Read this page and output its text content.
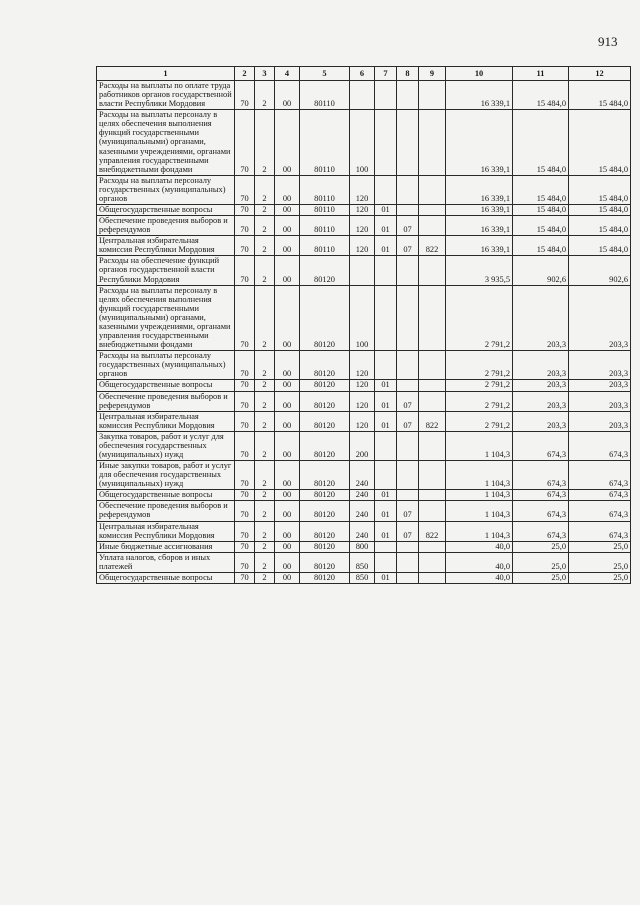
913
1	2	3	4	5	6	7	8	9	10	11	12
Расходы на выплаты по оплате труда работников органов государственной власти Республики Мордовия	70	2	00	80110					16 339,1	15 484,0	15 484,0
Расходы на выплаты персоналу в целях обеспечения выполнения функций государственными (муниципальными) органами, казенными учреждениями, органами управления государственными внебюджетными фондами	70	2	00	80110	100				16 339,1	15 484,0	15 484,0
Расходы на выплаты персоналу государственных (муниципальных) органов	70	2	00	80110	120				16 339,1	15 484,0	15 484,0
Общегосударственные вопросы	70	2	00	80110	120	01			16 339,1	15 484,0	15 484,0
Обеспечение проведения выборов и референдумов	70	2	00	80110	120	01	07		16 339,1	15 484,0	15 484,0
Центральная избирательная комиссия Республики Мордовия	70	2	00	80110	120	01	07	822	16 339,1	15 484,0	15 484,0
Расходы на обеспечение функций органов государственной власти Республики Мордовия	70	2	00	80120					3 935,5	902,6	902,6
Расходы на выплаты персоналу в целях обеспечения выполнения функций государственными (муниципальными) органами, казенными учреждениями, органами управления государственными внебюджетными фондами	70	2	00	80120	100				2 791,2	203,3	203,3
Расходы на выплаты персоналу государственных (муниципальных) органов	70	2	00	80120	120				2 791,2	203,3	203,3
Общегосударственные вопросы	70	2	00	80120	120	01			2 791,2	203,3	203,3
Обеспечение проведения выборов и референдумов	70	2	00	80120	120	01	07		2 791,2	203,3	203,3
Центральная избирательная комиссия Республики Мордовия	70	2	00	80120	120	01	07	822	2 791,2	203,3	203,3
Закупка товаров, работ и услуг для обеспечения государственных (муниципальных) нужд	70	2	00	80120	200				1 104,3	674,3	674,3
Иные закупки товаров, работ и услуг для обеспечения государственных (муниципальных) нужд	70	2	00	80120	240				1 104,3	674,3	674,3
Общегосударственные вопросы	70	2	00	80120	240	01			1 104,3	674,3	674,3
Обеспечение проведения выборов и референдумов	70	2	00	80120	240	01	07		1 104,3	674,3	674,3
Центральная избирательная комиссия Республики Мордовия	70	2	00	80120	240	01	07	822	1 104,3	674,3	674,3
Иные бюджетные ассигнования	70	2	00	80120	800				40,0	25,0	25,0
Уплата налогов, сборов и иных платежей	70	2	00	80120	850				40,0	25,0	25,0
Общегосударственные вопросы	70	2	00	80120	850	01			40,0	25,0	25,0
